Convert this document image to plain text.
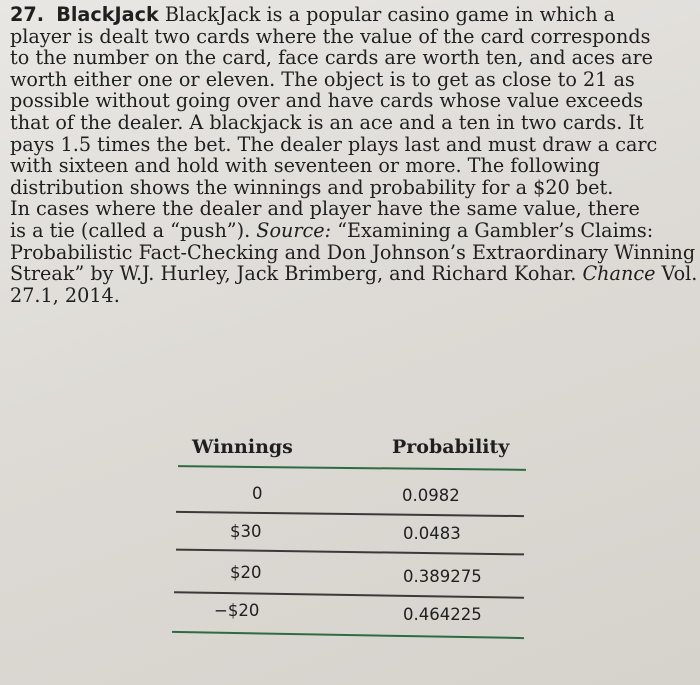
27. BlackJack BlackJack is a popular casino game in which a
player is dealt two cards where the value of the card corresponds
to the number on the card, face cards are worth ten, and aces are
worth either one or eleven. The object is to get as close to 21 as
possible without going over and have cards whose value exceeds
that of the dealer. A blackjack is an ace and a ten in two cards. It
pays 1.5 times the bet. The dealer plays last and must draw a carc
with sixteen and hold with seventeen or more. The following
distribution shows the winnings and probability for a $20 bet.
In cases where the dealer and player have the same value, there
is a tie (called a “push”). Source: “Examining a Gambler’s Claims:
Probabilistic Fact-Checking and Don Johnson’s Extraordinary Winning
Streak” by W.J. Hurley, Jack Brimberg, and Richard Kohar. Chance Vol.
27.1, 2014.
Winnings	Probability
0	0.0982
$30	0.0483
$20	0.389275
−$20	0.464225
